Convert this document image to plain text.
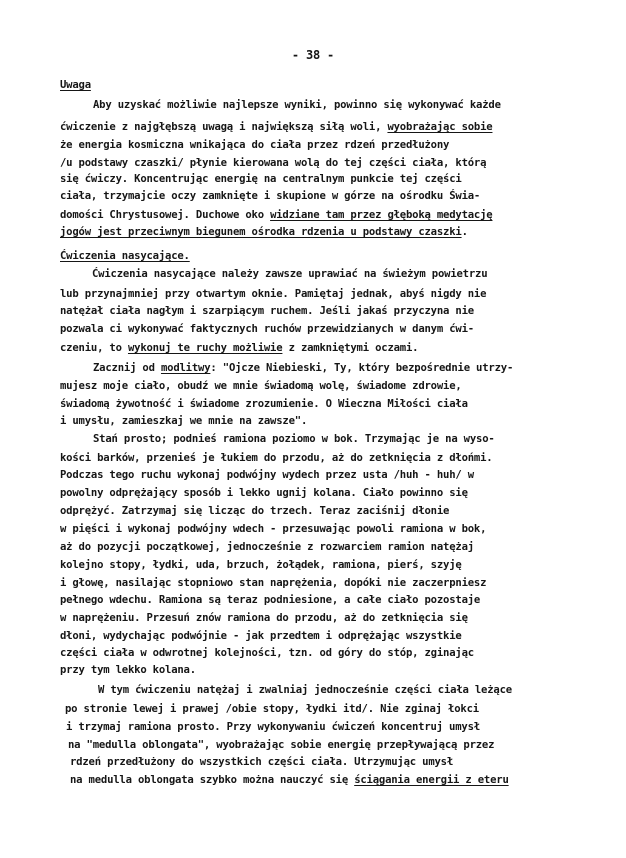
- 38 -
Uwaga
Ćwiczenia nasycające.
Aby uzyskać możliwie najlepsze wyniki, powinno się wykonywać każde
ćwiczenie z najgłębszą uwagą i największą siłą woli, wyobrażając sobie
że energia kosmiczna wnikająca do ciała przez rdzeń przedłużony
/u podstawy czaszki/ płynie kierowana wolą do tej części ciała, którą
się ćwiczy. Koncentrując energię na centralnym punkcie tej części
ciała, trzymajcie oczy zamknięte i skupione w górze na ośrodku Świa-
domości Chrystusowej. Duchowe oko widziane tam przez głęboką medytację
jogów jest przeciwnym biegunem ośrodka rdzenia u podstawy czaszki.
Ćwiczenia nasycające należy zawsze uprawiać na świeżym powietrzu
lub przynajmniej przy otwartym oknie. Pamiętaj jednak, abyś nigdy nie
natężał ciała nagłym i szarpiącym ruchem. Jeśli jakaś przyczyna nie
pozwala ci wykonywać faktycznych ruchów przewidzianych w danym ćwi-
czeniu, to wykonuj te ruchy możliwie z zamkniętymi oczami.
Zacznij od modlitwy: "Ojcze Niebieski, Ty, który bezpośrednie utrzy-
mujesz moje ciało, obudź we mnie świadomą wolę, świadome zdrowie,
świadomą żywotność i świadome zrozumienie. O Wieczna Miłości ciała
i umysłu, zamieszkaj we mnie na zawsze".
Stań prosto; podnieś ramiona poziomo w bok. Trzymając je na wyso-
kości barków, przenieś je łukiem do przodu, aż do zetknięcia z dłońmi.
Podczas tego ruchu wykonaj podwójny wydech przez usta /huh - huh/ w
powolny odprężający sposób i lekko ugnij kolana. Ciało powinno się
odprężyć. Zatrzymaj się licząc do trzech. Teraz zaciśnij dłonie
w pięści i wykonaj podwójny wdech - przesuwając powoli ramiona w bok,
aż do pozycji początkowej, jednocześnie z rozwarciem ramion natężaj
kolejno stopy, łydki, uda, brzuch, żołądek, ramiona, pierś, szyję
i głowę, nasilając stopniowo stan naprężenia, dopóki nie zaczerpniesz
pełnego wdechu. Ramiona są teraz podniesione, a całe ciało pozostaje
w naprężeniu. Przesuń znów ramiona do przodu, aż do zetknięcia się
dłoni, wydychając podwójnie - jak przedtem i odprężając wszystkie
części ciała w odwrotnej kolejności, tzn. od góry do stóp, zginając
przy tym lekko kolana.
W tym ćwiczeniu natężaj i zwalniaj jednocześnie części ciała leżące
po stronie lewej i prawej /obie stopy, łydki itd/. Nie zginaj łokci
i trzymaj ramiona prosto. Przy wykonywaniu ćwiczeń koncentruj umysł
na "medulla oblongata", wyobrażając sobie energię przepływającą przez
rdzeń przedłużony do wszystkich części ciała. Utrzymując umysł
na medulla oblongata szybko można nauczyć się ściągania energii z eteru
